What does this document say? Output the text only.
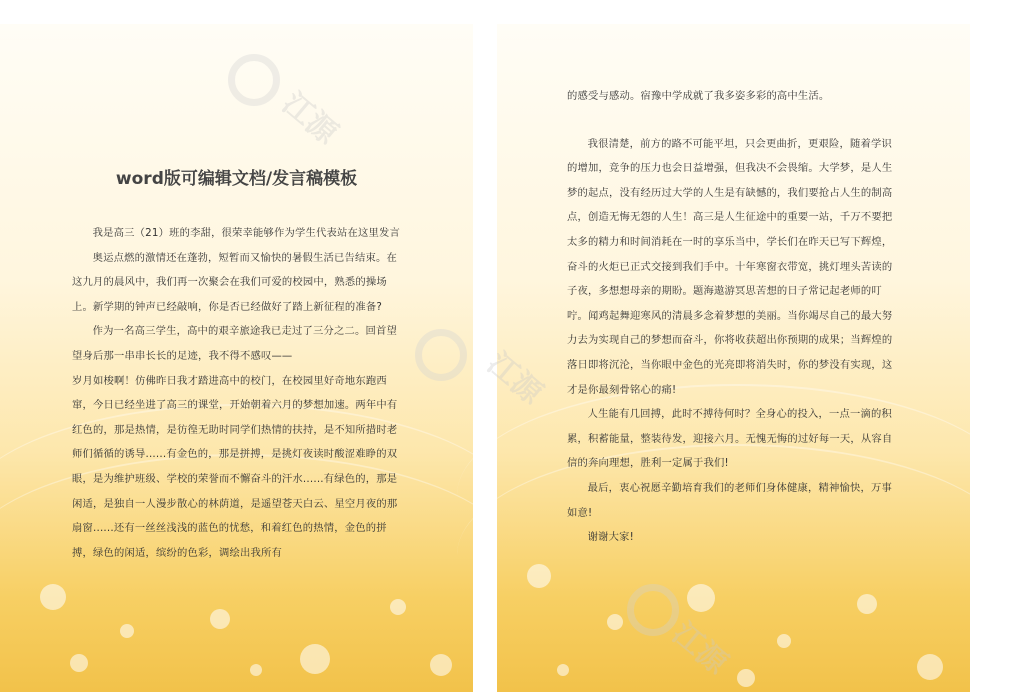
江源
word版可编辑文档/发言稿模板

我是高三（21）班的李甜，很荣幸能够作为学生代表站在这里发言

奥运点燃的激情还在蓬勃，短暂而又愉快的暑假生活已告结束。在这九月的晨风中，我们再一次聚会在我们可爱的校园中，熟悉的操场上。新学期的钟声已经敲响，你是否已经做好了踏上新征程的准备?

作为一名高三学生，高中的艰辛旅途我已走过了三分之二。回首望望身后那一串串长长的足迹，我不得不感叹——

岁月如梭啊！仿佛昨日我才踏进高中的校门，在校园里好奇地东跑西窜，今日已经坐进了高三的课堂，开始朝着六月的梦想加速。两年中有红色的，那是热情，是彷徨无助时同学们热情的扶持，是不知所措时老师们循循的诱导......有金色的，那是拼搏，是挑灯夜读时酸涩难睁的双眼，是为维护班级、学校的荣誉而不懈奋斗的汗水......有绿色的，那是闲适，是独自一人漫步散心的林荫道，是遥望苍天白云、星空月夜的那扇窗......还有一丝丝浅浅的蓝色的忧愁，和着红色的热情，金色的拼搏，绿色的闲适，缤纷的色彩，调绘出我所有

江源
江源

的感受与感动。宿豫中学成就了我多姿多彩的高中生活。

我很清楚，前方的路不可能平坦，只会更曲折，更艰险，随着学识的增加，竞争的压力也会日益增强，但我决不会畏缩。大学梦，是人生梦的起点，没有经历过大学的人生是有缺憾的，我们要抢占人生的制高点，创造无悔无怨的人生！高三是人生征途中的重要一站，千万不要把太多的精力和时间消耗在一时的享乐当中，学长们在昨天已写下辉煌，奋斗的火炬已正式交接到我们手中。十年寒窗衣带宽，挑灯埋头苦读的子夜，多想想母亲的期盼。题海遨游冥思苦想的日子常记起老师的叮咛。闻鸡起舞迎寒风的清晨多念着梦想的美丽。当你竭尽自己的最大努力去为实现自己的梦想而奋斗，你将收获超出你预期的成果；当辉煌的落日即将沉沦，当你眼中金色的光亮即将消失时，你的梦没有实现，这才是你最刻骨铭心的痛!

人生能有几回搏，此时不搏待何时？全身心的投入，一点一滴的积累，积蓄能量，整装待发，迎接六月。无愧无悔的过好每一天，从容自信的奔向理想，胜利一定属于我们!

最后，衷心祝愿辛勤培育我们的老师们身体健康，精神愉快，万事如意!

谢谢大家!
